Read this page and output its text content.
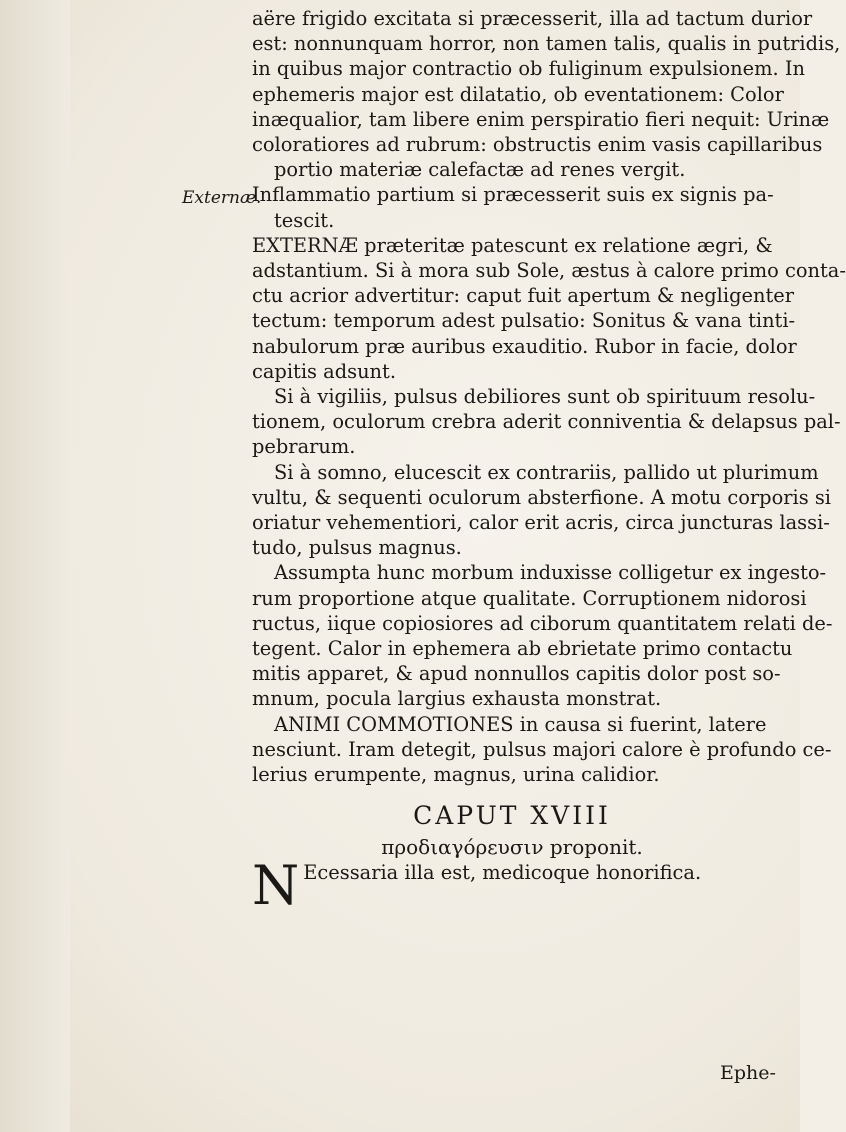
Externæ.
aëre frigido excitata si præcesserit, illa ad tactum durior
est: nonnunquam horror, non tamen talis, qualis in putridis,
in quibus major contractio ob fuliginum expulsionem. In
ephemeris major est dilatatio, ob eventationem: Color
inæqualior, tam libere enim perspiratio fieri nequit: Urinæ
coloratiores ad rubrum: obstructis enim vasis capillaribus
portio materiæ calefactæ ad renes vergit.
Inflammatio partium si præcesserit suis ex signis pa-
tescit.
EXTERNÆ præteritæ patescunt ex relatione ægri, &
adstantium. Si à mora sub Sole, æstus à calore primo conta-
ctu acrior advertitur: caput fuit apertum & negligenter
tectum: temporum adest pulsatio: Sonitus & vana tinti-
nabulorum præ auribus exauditio. Rubor in facie, dolor
capitis adsunt.
Si à vigiliis, pulsus debiliores sunt ob spirituum resolu-
tionem, oculorum crebra aderit conniventia & delapsus pal-
pebrarum.
Si à somno, elucescit ex contrariis, pallido ut plurimum
vultu, & sequenti oculorum absterfione. A motu corporis si
oriatur vehementiori, calor erit acris, circa juncturas lassi-
tudo, pulsus magnus.
Assumpta hunc morbum induxisse colligetur ex ingesto-
rum proportione atque qualitate. Corruptionem nidorosi
ructus, iique copiosiores ad ciborum quantitatem relati de-
tegent. Calor in ephemera ab ebrietate primo contactu
mitis apparet, & apud nonnullos capitis dolor post so-
mnum, pocula largius exhausta monstrat.
ANIMI COMMOTIONES in causa si fuerint, latere
nesciunt. Iram detegit, pulsus majori calore è profundo ce-
lerius erumpente, magnus, urina calidior.
CAPUT XVIII
προδιαγόρευσιν proponit.
N Ecessaria illa est, medicoque honorifica.
Ephe-
